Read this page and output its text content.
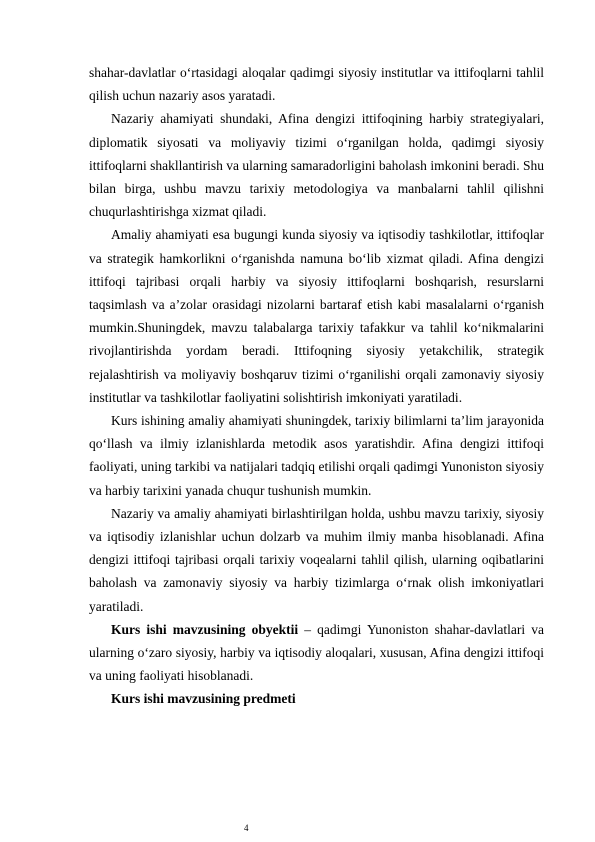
shahar-davlatlar o‘rtasidagi aloqalar qadimgi siyosiy institutlar va ittifoqlarni tahlil qilish uchun nazariy asos yaratadi.

Nazariy ahamiyati shundaki, Afina dengizi ittifoqining harbiy strategiyalari, diplomatik siyosati va moliyaviy tizimi o‘rganilgan holda, qadimgi siyosiy ittifoqlarni shakllantirish va ularning samaradorligini baholash imkonini beradi. Shu bilan birga, ushbu mavzu tarixiy metodologiya va manbalarni tahlil qilishni chuqurlashtirishga xizmat qiladi.

Amaliy ahamiyati esa bugungi kunda siyosiy va iqtisodiy tashkilotlar, ittifoqlar va strategik hamkorlikni o‘rganishda namuna bo‘lib xizmat qiladi. Afina dengizi ittifoqi tajribasi orqali harbiy va siyosiy ittifoqlarni boshqarish, resurslarni taqsimlash va a’zolar orasidagi nizolarni bartaraf etish kabi masalalarni o‘rganish mumkin.Shuningdek, mavzu talabalarga tarixiy tafakkur va tahlil ko‘nikmalarini rivojlantirishda yordam beradi. Ittifoqning siyosiy yetakchilik, strategik rejalashtirish va moliyaviy boshqaruv tizimi o‘rganilishi orqali zamonaviy siyosiy institutlar va tashkilotlar faoliyatini solishtirish imkoniyati yaratiladi.

Kurs ishining amaliy ahamiyati shuningdek, tarixiy bilimlarni ta’lim jarayonida qo‘llash va ilmiy izlanishlarda metodik asos yaratishdir. Afina dengizi ittifoqi faoliyati, uning tarkibi va natijalari tadqiq etilishi orqali qadimgi Yunoniston siyosiy va harbiy tarixini yanada chuqur tushunish mumkin.

Nazariy va amaliy ahamiyati birlashtirilgan holda, ushbu mavzu tarixiy, siyosiy va iqtisodiy izlanishlar uchun dolzarb va muhim ilmiy manba hisoblanadi. Afina dengizi ittifoqi tajribasi orqali tarixiy voqealarni tahlil qilish, ularning oqibatlarini baholash va zamonaviy siyosiy va harbiy tizimlarga o‘rnak olish imkoniyatlari yaratiladi.

Kurs ishi mavzusining obyektii – qadimgi Yunoniston shahar-davlatlari va ularning o‘zaro siyosiy, harbiy va iqtisodiy aloqalari, xususan, Afina dengizi ittifoqi va uning faoliyati hisoblanadi.

Kurs ishi mavzusining predmeti

4
